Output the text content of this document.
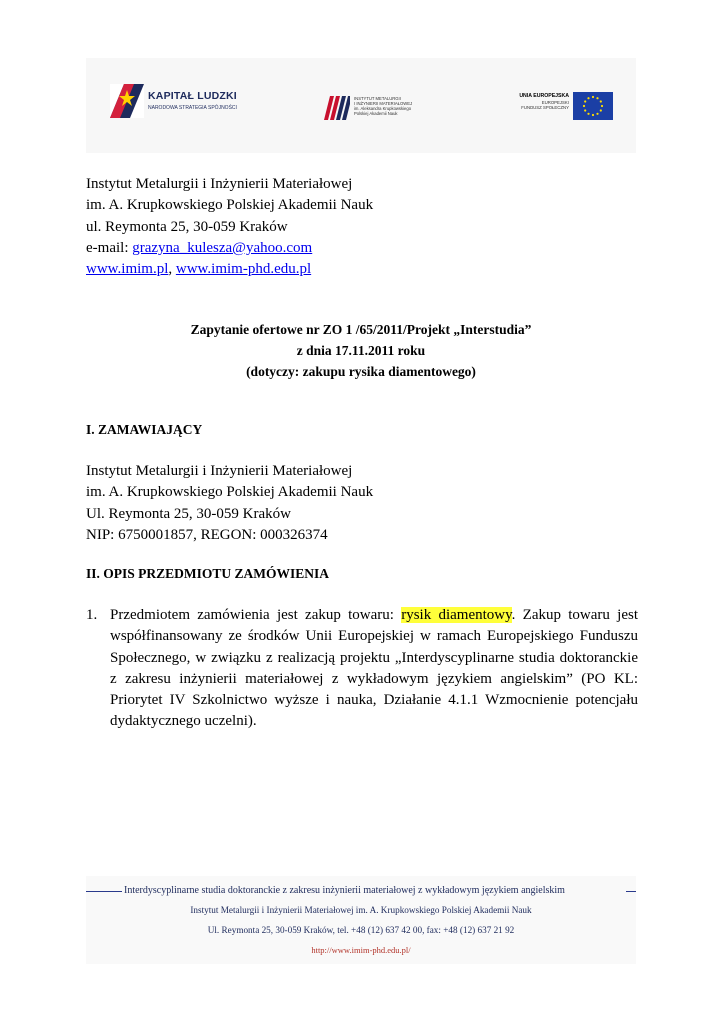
KAPITAŁ LUDZKI
NARODOWA STRATEGIA SPÓJNOŚCI
INSTYTUT METALURGII
I INŻYNIERII MATERIAŁOWEJ
im. Aleksandra Krupkowskiego
Polskiej Akademii Nauk
UNIA EUROPEJSKA
EUROPEJSKI
FUNDUSZ SPOŁECZNY
Instytut Metalurgii i Inżynierii Materiałowej
im. A. Krupkowskiego Polskiej Akademii Nauk
ul. Reymonta 25, 30-059 Kraków
e-mail: grazyna_kulesza@yahoo.com
www.imim.pl, www.imim-phd.edu.pl
Zapytanie ofertowe nr ZO 1 /65/2011/Projekt „Interstudia”
z dnia 17.11.2011 roku
(dotyczy: zakupu rysika diamentowego)
I. ZAMAWIAJĄCY
Instytut Metalurgii i Inżynierii Materiałowej
im. A. Krupkowskiego Polskiej Akademii Nauk
Ul. Reymonta 25, 30-059 Kraków
NIP: 6750001857, REGON: 000326374
II. OPIS PRZEDMIOTU ZAMÓWIENIA
1. Przedmiotem zamówienia jest zakup towaru: rysik diamentowy. Zakup towaru jest współfinansowany ze środków Unii Europejskiej w ramach Europejskiego Funduszu Społecznego, w związku z realizacją projektu „Interdyscyplinarne studia doktoranckie z zakresu inżynierii materiałowej z wykładowym językiem angielskim” (PO KL: Priorytet IV Szkolnictwo wyższe i nauka, Działanie 4.1.1 Wzmocnienie potencjału dydaktycznego uczelni).
Interdyscyplinarne studia doktoranckie z zakresu inżynierii materiałowej z wykładowym językiem angielskim
Instytut Metalurgii i Inżynierii Materiałowej im. A. Krupkowskiego Polskiej Akademii Nauk
Ul. Reymonta 25, 30-059 Kraków, tel. +48 (12) 637 42 00, fax: +48 (12) 637 21 92
http://www.imim-phd.edu.pl/
